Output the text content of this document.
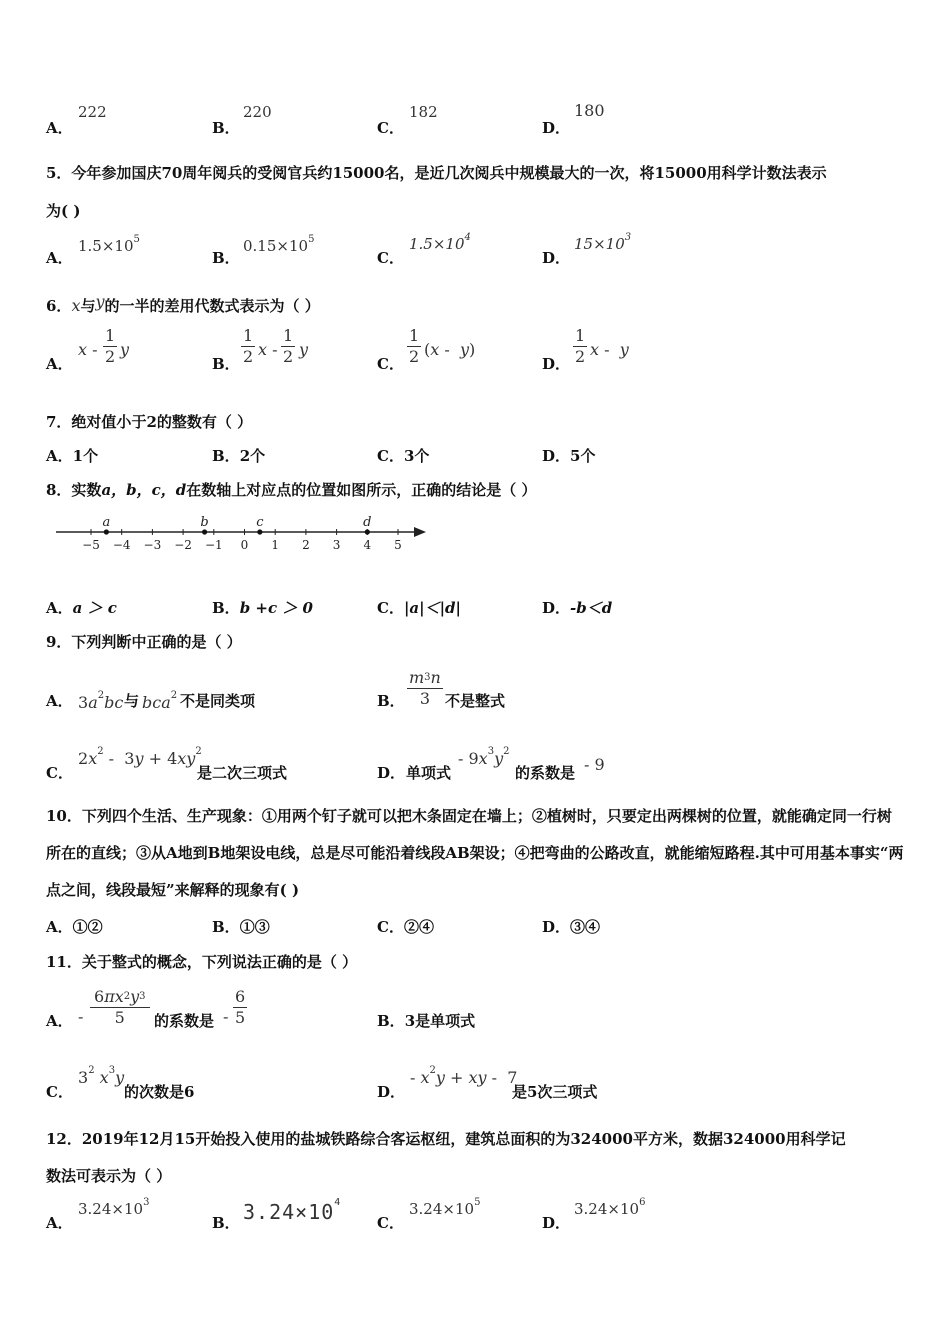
A．
222
B．
220
C．
182
D．
180
5．今年参加国庆70周年阅兵的受阅官兵约15000名，是近几次阅兵中规模最大的一次，将15000用科学计数法表示
为( )
A．
$1.5\times 10^5$
B．
$0.15\times 10^5$
C．
$1.5\times 10^4$
D．
$15\times 10^3$
6．x与y的一半的差用代数式表示为（ ）
A．
x - $\frac{1}{2}$ y
B． $\frac{1}{2}$ x - $\frac{1}{2}$ y
C． $\frac{1}{2} (x - y)$
D． $\frac{1}{2}$ x -  y
7．绝对值小于2的整数有（ ）
A．1个	B．2个	C．3个	D．5个
8．实数a，b，c，d在数轴上对应点的位置如图所示，正确的结论是（ ）
−5 −4 −3 −2 −1 0 1 2 3 4 5
a	b	c	d
A．a ＞ c	B．b +c ＞ 0	C．|a|＜|d|	D．-b＜d
9．下列判断中正确的是（ ）
A． $3a^2bc$ 与 bca$^2$ 不是同类项	B． $\frac{m^3n}{3}$ 不是整式
C．
$2x^2 - 3y + 4xy^2$
是二次三项式	D． 单项式
- $9x^3y^2$
的系数是 - 9
10．下列四个生活、生产现象：①用两个钉子就可以把木条固定在墙上；②植树时，只要定出两棵树的位置，就能确定同一行树所在的直线；③从A地到B地架设电线，总是尽可能沿着线段AB架设；④把弯曲的公路改直，就能缩短路程.其中可用基本事实“两点之间，线段最短”来解释的现象有( )
A．①②	B．①③	C．②④	D．③④
11．关于整式的概念，下列说法正确的是（ ）
A． - $\frac{6\pi x^2y^3}{5}$ 的系数是 - $\frac{6}{5}$	B．3是单项式
C．
$3^2$ $x^3y$
的次数是6	D．
- $x^2y$ + xy -  7
是5次三项式
12．2019年12月15开始投入使用的盐城铁路综合客运枢纽，建筑总面积的为324000平方米，数据324000用科学记
数法可表示为（ ）
A．
$3.24\times 10^3$
B． $3.24\times 10^4$
C．
$3.24\times 10^5$
D．
$3.24\times 10^6$
